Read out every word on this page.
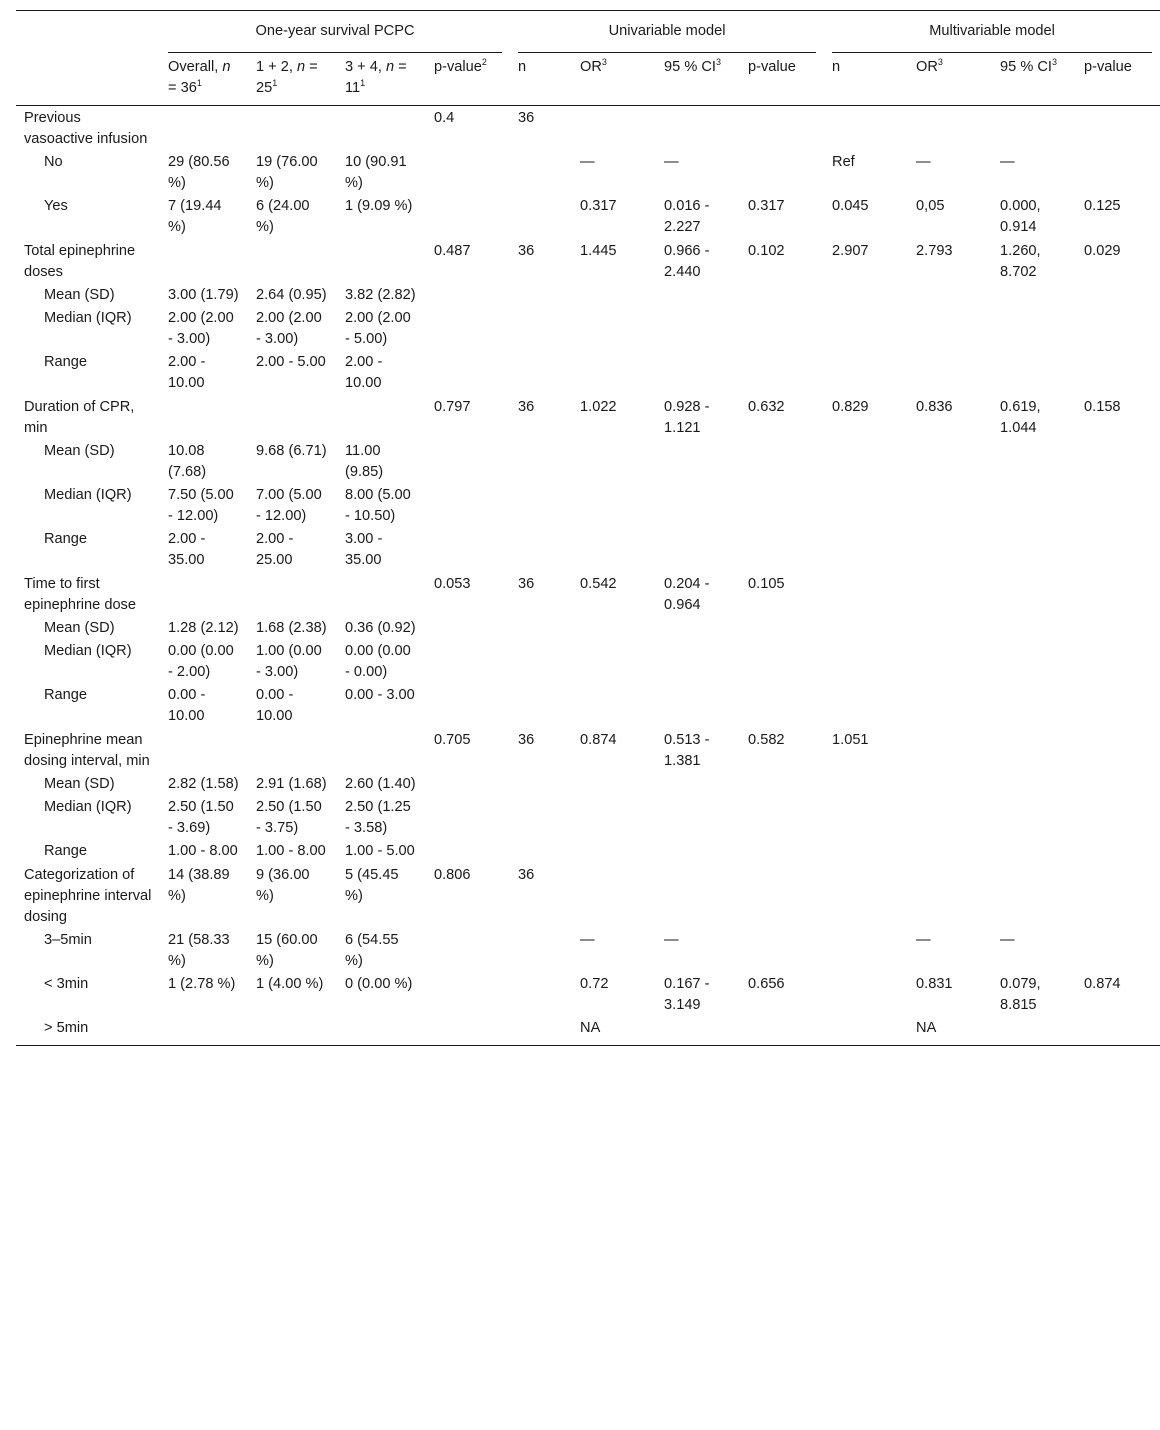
	One-year survival PCPC				Univariable model				Multivariable model			

	Overall, $n = 36^1$	1 + 2, $n = 25^1$	3 + 4, $n = 11^1$	p-value$^2$	n	$OR^3$	95 % $CI^3$	p-value	n	$OR^3$	95 % $CI^3$	p-value
Previous vasoactive infusion				0.4	36							
No	29 (80.56 %)	19 (76.00 %)	10 (90.91 %)			—	—		Ref	—	—	
Yes	7 (19.44 %)	6 (24.00 %)	1 (9.09 %)			0.317	0.016 - 2.227	0.317	0.045	0,05	0.000, 0.914	0.125
Total epinephrine doses				0.487	36	1.445	0.966 - 2.440	0.102	2.907	2.793	1.260, 8.702	0.029
Mean (SD)	3.00 (1.79)	2.64 (0.95)	3.82 (2.82)									
Median (IQR)	2.00 (2.00 - 3.00)	2.00 (2.00 - 3.00)	2.00 (2.00 - 5.00)									
Range	2.00 - 10.00	2.00 - 5.00	2.00 - 10.00									
Duration of CPR, min				0.797	36	1.022	0.928 - 1.121	0.632	0.829	0.836	0.619, 1.044	0.158
Mean (SD)	10.08 (7.68)	9.68 (6.71)	11.00 (9.85)									
Median (IQR)	7.50 (5.00 - 12.00)	7.00 (5.00 - 12.00)	8.00 (5.00 - 10.50)									
Range	2.00 - 35.00	2.00 - 25.00	3.00 - 35.00									
Time to first epinephrine dose				0.053	36	0.542	0.204 - 0.964	0.105				
Mean (SD)	1.28 (2.12)	1.68 (2.38)	0.36 (0.92)									
Median (IQR)	0.00 (0.00 - 2.00)	1.00 (0.00 - 3.00)	0.00 (0.00 - 0.00)									
Range	0.00 - 10.00	0.00 - 10.00	0.00 - 3.00									
Epinephrine mean dosing interval, min				0.705	36	0.874	0.513 - 1.381	0.582	1.051			
Mean (SD)	2.82 (1.58)	2.91 (1.68)	2.60 (1.40)									
Median (IQR)	2.50 (1.50 - 3.69)	2.50 (1.50 - 3.75)	2.50 (1.25 - 3.58)									
Range	1.00 - 8.00	1.00 - 8.00	1.00 - 5.00									
Categorization of epinephrine interval dosing	14 (38.89 %)	9 (36.00 %)	5 (45.45 %)	0.806	36							
3–5min	21 (58.33 %)	15 (60.00 %)	6 (54.55 %)			—	—			—	—	
< 3min	1 (2.78 %)	1 (4.00 %)	0 (0.00 %)			0.72	0.167 - 3.149	0.656		0.831	0.079, 8.815	0.874
> 5min						NA				NA		
